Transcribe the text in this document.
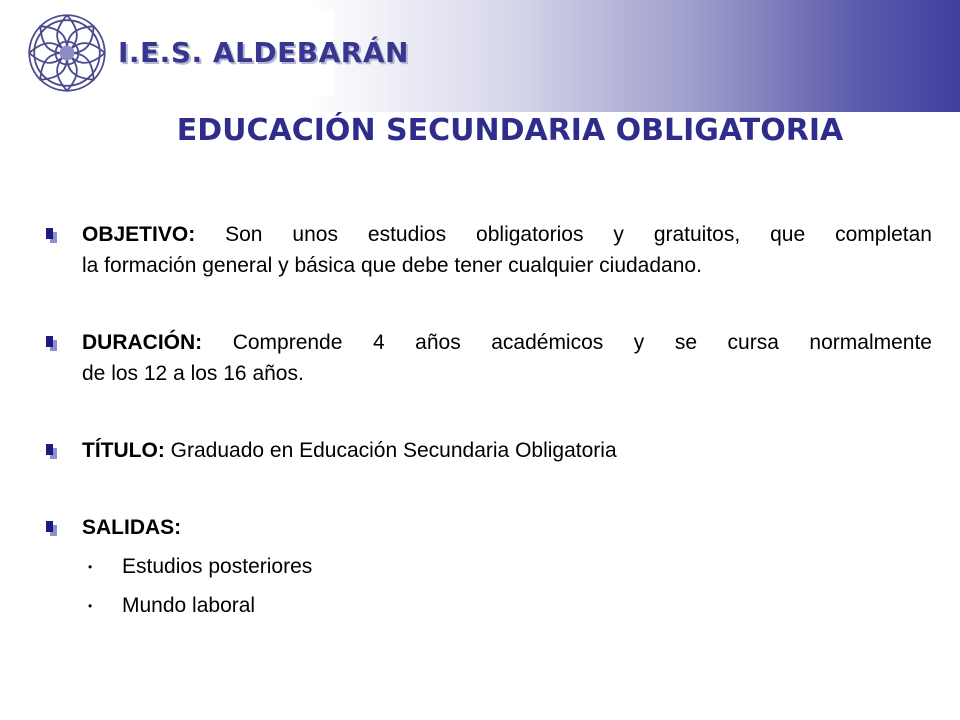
I.E.S. ALDEBARÁN
EDUCACIÓN SECUNDARIA OBLIGATORIA
OBJETIVO: Son unos estudios obligatorios y gratuitos, que completan
la formación general y básica que debe tener cualquier ciudadano.
DURACIÓN: Comprende 4 años académicos y se cursa normalmente
de los 12 a los 16 años.
TÍTULO: Graduado en Educación Secundaria Obligatoria
SALIDAS:
• Estudios posteriores
• Mundo laboral
